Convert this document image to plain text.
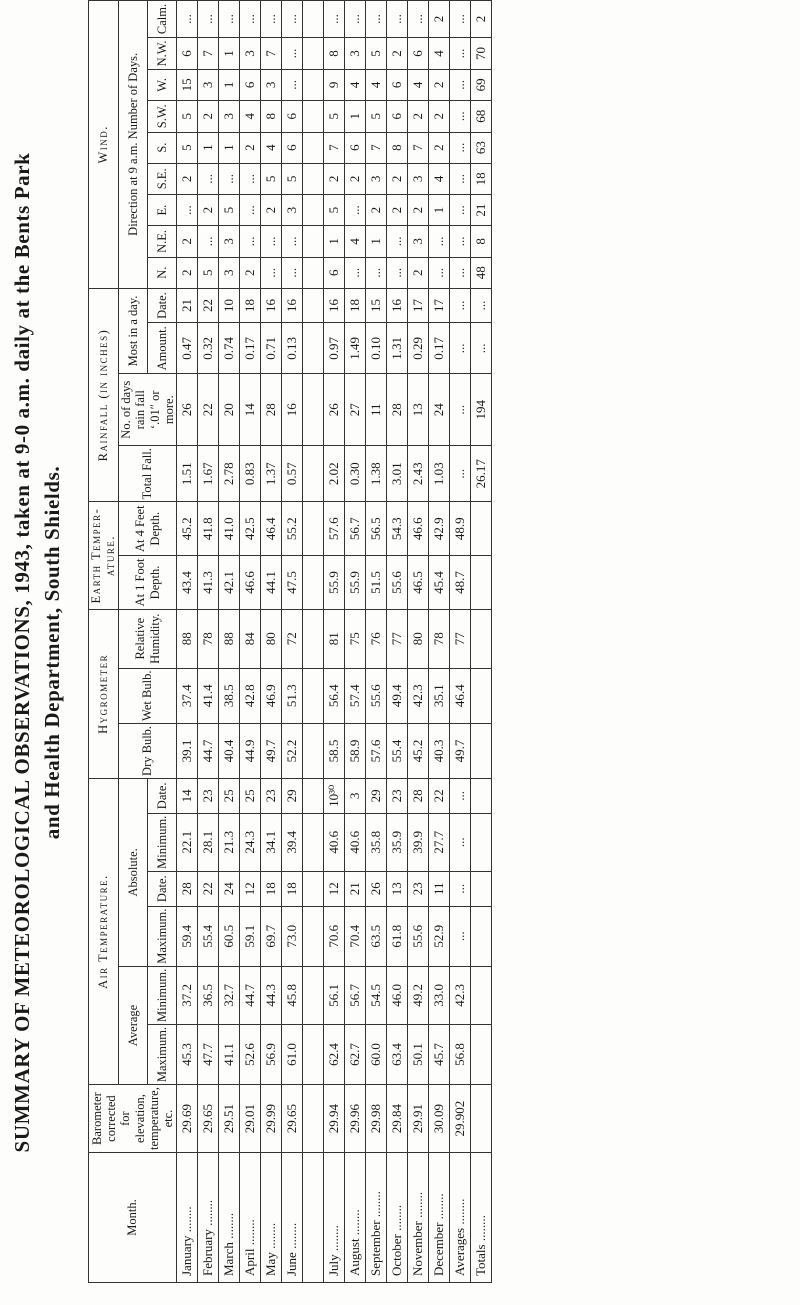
SUMMARY OF METEOROLOGICAL OBSERVATIONS, 1943, taken at 9-0 a.m. daily at the Bents Park and Health Department, South Shields.
Month.	Barometer corrected for elevation, temperature, etc.	Air Temperature.						Hygrometer			Earth Temper-ature.		Rainfall (in inches)				Wind.								
		Average		Absolute.				Dry Bulb.	Wet Bulb.	Relative Humidity.	At 1 Foot Depth.	At 4 Feet Depth.	Total Fall.	No. of days rain fall ‘.01″ or more.	Most in a day.		Direction at 9 a.m. Number of Days.								
		Maximum.	Minimum.	Maximum.	Date.	Minimum.	Date.								Amount.	Date.	N.	N.E.	E.	S.E.	S.	S.W.	W.	N.W.	Calm.
January ........	29.69	45.3	37.2	59.4	28	22.1	14	39.1	37.4	88	43.4	45.2	1.51	26	0.47	21	2	2	...	2	5	5	15	6	...
February ........	29.65	47.7	36.5	55.4	22	28.1	23	44.7	41.4	78	41.3	41.8	1.67	22	0.32	22	5	...	2	...	1	2	3	7	...
March ........	29.51	41.1	32.7	60.5	24	21.3	25	40.4	38.5	88	42.1	41.0	2.78	20	0.74	10	3	3	5	...	1	3	1	1	...
April ........	29.01	52.6	44.7	59.1	12	24.3	25	44.9	42.8	84	46.6	42.5	0.83	14	0.17	18	2	...	...	...	2	4	6	3	...
May ........	29.99	56.9	44.3	69.7	18	34.1	23	49.7	46.9	80	44.1	46.4	1.37	28	0.71	16	...	...	2	5	4	8	3	7	...
June ........	29.65	61.0	45.8	73.0	18	39.4	29	52.2	51.3	72	47.5	55.2	0.57	16	0.13	16	...	...	3	5	6	6	...	...	...

July ........	29.94	62.4	56.1	70.6	12	40.6	10³⁰	58.5	56.4	81	55.9	57.6	2.02	26	0.97	16	6	1	5	2	7	5	9	8	...
August ........	29.96	62.7	56.7	70.4	21	40.6	3	58.9	57.4	75	55.9	56.7	0.30	27	1.49	18	...	4	...	2	6	1	4	3	...
September ........	29.98	60.0	54.5	63.5	26	35.8	29	57.6	55.6	76	51.5	56.5	1.38	11	0.10	15	...	1	2	3	7	5	4	5	...
October ........	29.84	63.4	46.0	61.8	13	35.9	23	55.4	49.4	77	55.6	54.3	3.01	28	1.31	16	...	...	2	2	8	6	6	2	...
November ........	29.91	50.1	49.2	55.6	23	39.9	28	45.2	42.3	80	46.5	46.6	2.43	13	0.29	17	2	3	2	3	7	2	4	6	...
December ........	30.09	45.7	33.0	52.9	11	27.7	22	40.3	35.1	78	45.4	42.9	1.03	24	0.17	17	...	...	1	4	2	2	2	4	2
Averages ........	29.902	56.8	42.3	...	...	...	...	49.7	46.4	77	48.7	48.9	...	...	...	...	...	...	...	...	...	...	...	...	...
Totals ........													26.17	194	...	...	48	8	21	18	63	68	69	70	2
